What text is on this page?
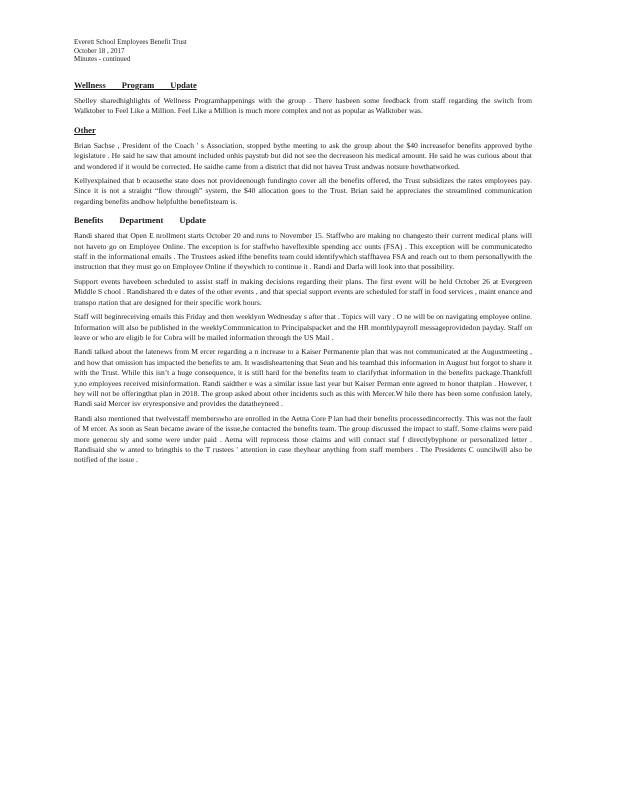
Everett School Employees Benefit Trust
October 18 , 2017
Minutes - continued
Wellness Program Update
Shelley sharedhighlights of Wellness Programhappenings with the group . There hasbeen some feedback from staff regarding the switch from Walktober to Feel Like a Million. Feel Like a Million is much more complex and not as popular as Walktober was.
Other
Brian Sachse , President of the Coach ' s Association, stopped bythe meeting to ask the group about the $40 increasefor benefits approved bythe legislature . He said he saw that amount included onhis paystub but did not see the decreaseon his medical amount. He said he was curious about that and wondered if it would be corrected. He saidhe came from a district that did not havea Trust andwas notsure howthatworked.
Kellyexplained that b ecausethe state does not provideenough fundingto cover all the benefits offered, the Trust subsidizes the rates employees pay. Since it is not a straight “flow through” system, the $40 allocation goes to the Trust. Brian said he appreciates the streamlined communication regarding benefits andhow helpfulthe benefitsteam is.
Benefits Department Update
Randi shared that Open E nrollment starts October 20 and runs to November 15. Staffwho are making no changesto their current medical plans will not haveto go on Employee Online. The exception is for staffwho haveflexible spending acc ounts (FSA) . This exception will be communicatedto staff in the informational emails . The Trustees asked ifthe benefits team could identifywhich staffhavea FSA and reach out to them personallywith the instruction that they must go on Employee Online if theywhich to continue it . Randi and Darla will look into that possibility.
Support events havebeen scheduled to assist staff in making decisions regarding their plans. The first event will be held October 26 at Evergreen Middle S chool . Randishared th e dates of the other events , and that special support events are scheduled for staff in food services , maint enance and transpo rtation that are designed for their specific work hours.
Staff will beginreceiving emails this Friday and then weeklyon Wednesday s after that . Topics will vary . O ne will be on navigating employee online. Information will also be published in the weeklyCommunication to Principalspacket and the HR monthlypayroll messageprovidedon payday. Staff on leave or who are eligib le for Cobra will be mailed information through the US Mail .
Randi talked about the latenews from M ercer regarding a n increase to a Kaiser Permanente plan that was not communicated at the Augustmeeting , and how that omission has impacted the benefits te am. It wasdisheartening that Sean and his teamhad this information in August but forgot to share it with the Trust. While this isn’t a huge consequence, it is still hard for the benefits team to clarifythat information in the benefits package.Thankfull y,no employees received misinformation. Randi saidther e was a similar issue last year but Kaiser Perman ente agreed to honor thatplan . However, t hey will not be offeringthat plan in 2018. The group asked about other incidents such as this with Mercer.W hile there has been some confusion lately, Randi said Mercer isv eryresponsive and provides the datatheyneed .
Randi also mentioned that twelvestaff memberswho are enrolled in the Aetna Core P lan had their benefits processedincorrectly. This was not the fault of M ercer. As soon as Sean became aware of the issue,he contacted the benefits team. The group discussed the impact to staff. Some claims were paid more generou sly and some were under paid . Aetna will reprocess those claims and will contact staf f directlybyphone or personalized letter . Randisaid she w anted to bringthis to the T rustees ' attention in case theyhear anything from staff members . The Presidents C ouncilwill also be notified of the issue .
